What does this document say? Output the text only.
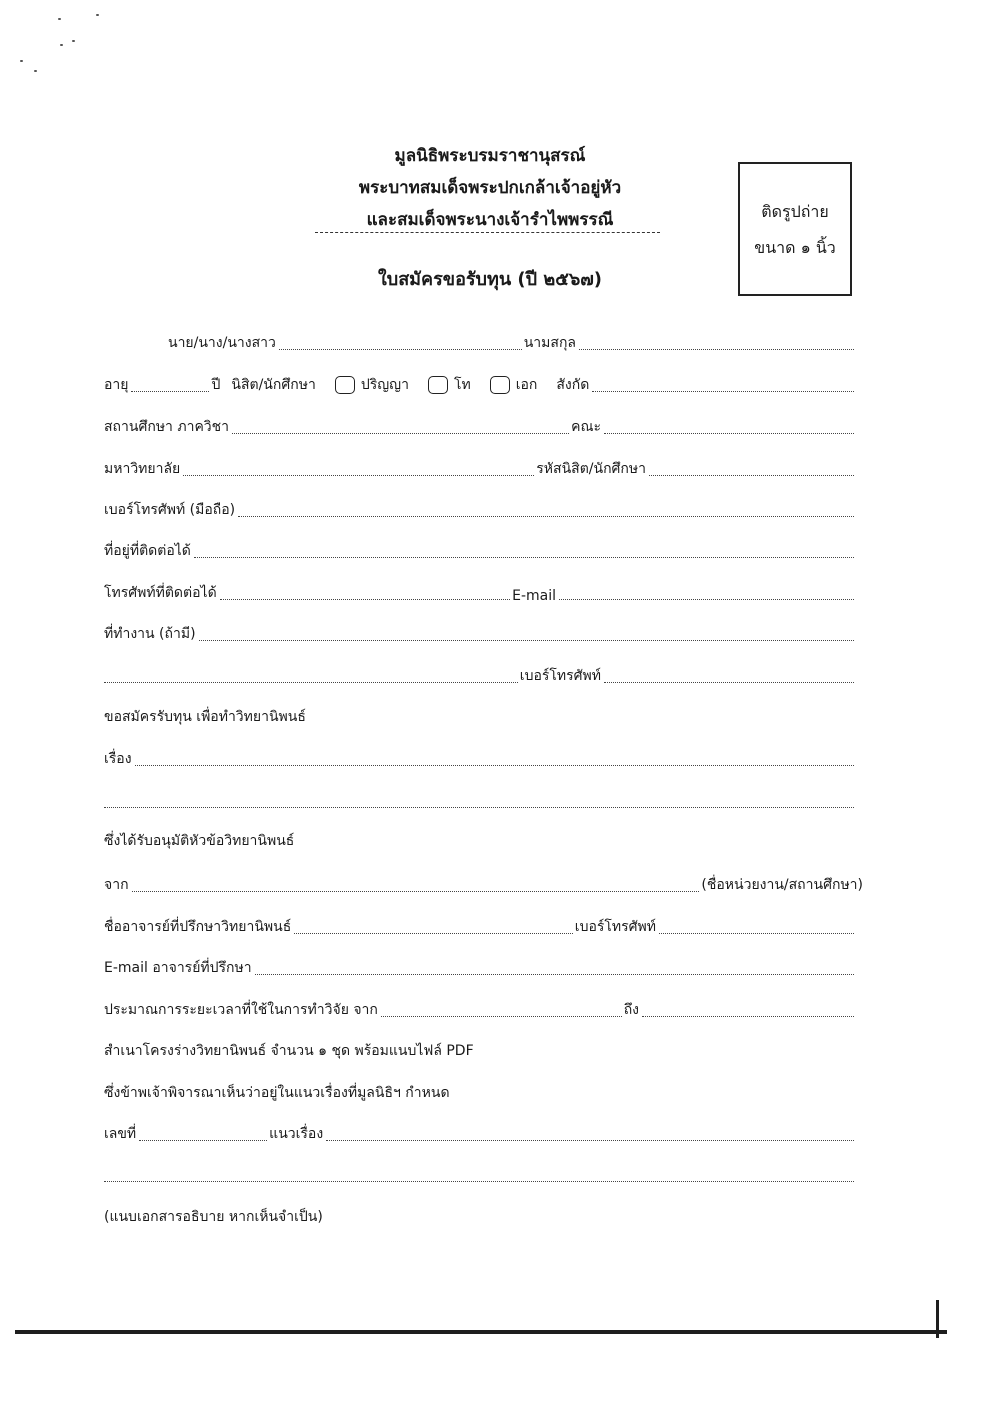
มูลนิธิพระบรมราชานุสรณ์
พระบาทสมเด็จพระปกเกล้าเจ้าอยู่หัว
และสมเด็จพระนางเจ้ารำไพพรรณี
ใบสมัครขอรับทุน (ปี ๒๕๖๗)
ติดรูปถ่าย
ขนาด ๑ นิ้ว
นาย/นาง/นางสาว	นามสกุล
อายุ	ปี นิสิต/นักศึกษา	ปริญญา	โท	เอก สังกัด
สถานศึกษา ภาควิชา	คณะ
มหาวิทยาลัย	รหัสนิสิต/นักศึกษา
เบอร์โทรศัพท์ (มือถือ)
ที่อยู่ที่ติดต่อได้
โทรศัพท์ที่ติดต่อได้	E-mail
ที่ทำงาน (ถ้ามี)
เบอร์โทรศัพท์
ขอสมัครรับทุน เพื่อทำวิทยานิพนธ์
เรื่อง
ซึ่งได้รับอนุมัติหัวข้อวิทยานิพนธ์
จาก	(ชื่อหน่วยงาน/สถานศึกษา)
ชื่ออาจารย์ที่ปรึกษาวิทยานิพนธ์	เบอร์โทรศัพท์
E-mail อาจารย์ที่ปรึกษา
ประมาณการระยะเวลาที่ใช้ในการทำวิจัย จาก	ถึง
สำเนาโครงร่างวิทยานิพนธ์ จำนวน ๑ ชุด พร้อมแนบไฟล์ PDF
ซึ่งข้าพเจ้าพิจารณาเห็นว่าอยู่ในแนวเรื่องที่มูลนิธิฯ กำหนด
เลขที่	แนวเรื่อง
(แนบเอกสารอธิบาย หากเห็นจำเป็น)
